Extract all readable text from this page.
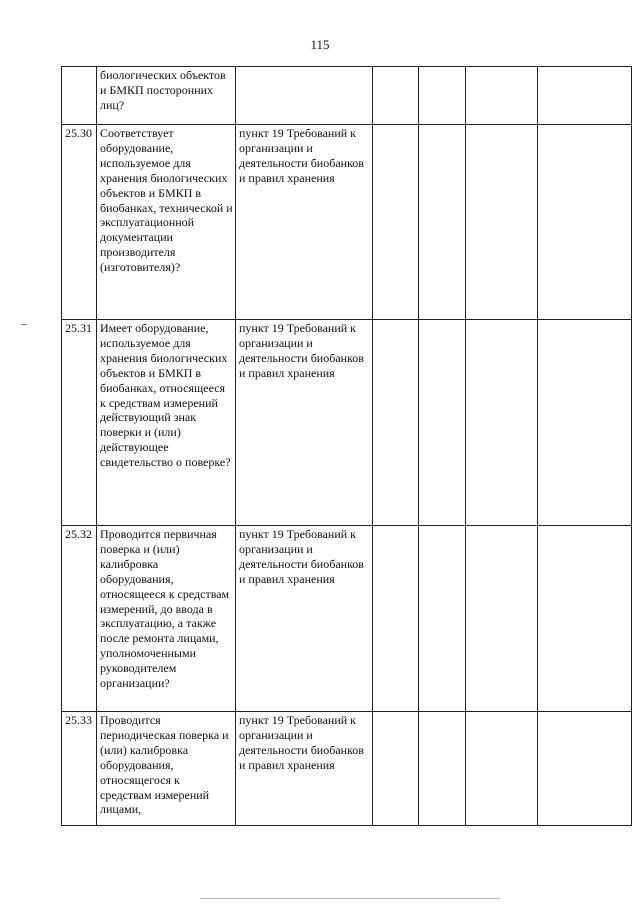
115
	биологических объектов и БМКП посторонних лиц?					
25.30	Соответствует оборудование, используемое для хранения биологических объектов и БМКП в биобанках, технической и эксплуатационной документации производителя (изготовителя)?	пункт 19 Требований к организации и деятельности биобанков и правил хранения				
25.31	Имеет оборудование, используемое для хранения биологических объектов и БМКП в биобанках, относящееся к средствам измерений действующий знак поверки и (или) действующее свидетельство о поверке?	пункт 19 Требований к организации и деятельности биобанков и правил хранения				
25.32	Проводится первичная поверка и (или) калибровка оборудования, относящееся к средствам измерений, до ввода в эксплуатацию, а также после ремонта лицами, уполномоченными руководителем организации?	пункт 19 Требований к организации и деятельности биобанков и правил хранения				
25.33	Проводится периодическая поверка и (или) калибровка оборудования, относящегося к средствам измерений лицами,	пункт 19 Требований к организации и деятельности биобанков и правил хранения				
